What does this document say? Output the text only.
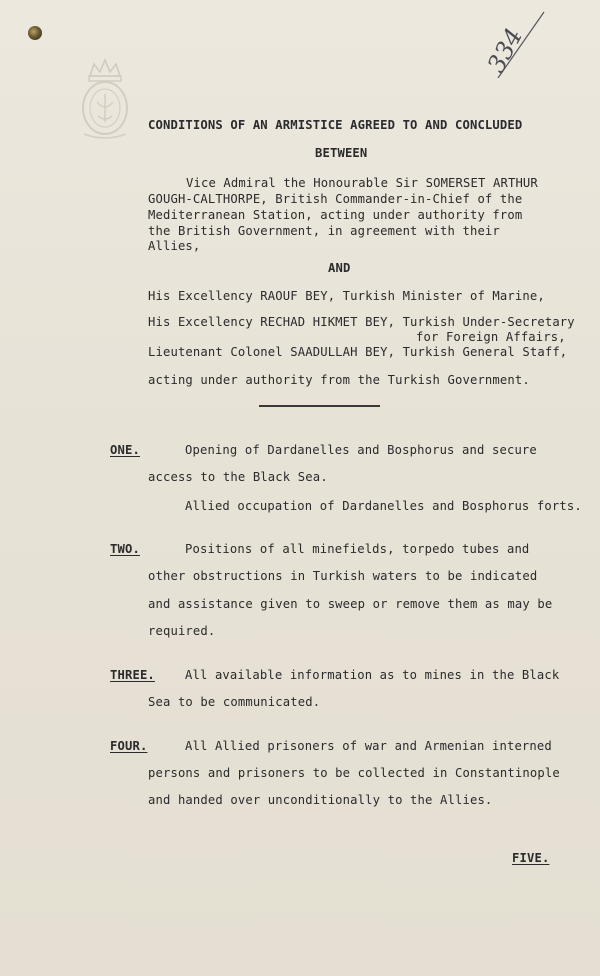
334
CONDITIONS OF AN ARMISTICE AGREED TO AND CONCLUDED
BETWEEN
Vice Admiral the Honourable Sir SOMERSET ARTHUR
GOUGH-CALTHORPE, British Commander-in-Chief of the
Mediterranean Station, acting under authority from
the British Government, in agreement with their
Allies,
AND
His Excellency RAOUF BEY, Turkish Minister of Marine,
His Excellency RECHAD HIKMET BEY, Turkish Under-Secretary
for Foreign Affairs,
Lieutenant Colonel SAADULLAH BEY, Turkish General Staff,
acting under authority from the Turkish Government.
ONE.	Opening of Dardanelles and Bosphorus and secure
access to the Black Sea.
Allied occupation of Dardanelles and Bosphorus forts.
TWO.	Positions of all minefields, torpedo tubes and
other obstructions in Turkish waters to be indicated
and assistance given to sweep or remove them as may be
required.
THREE. All available information as to mines in the Black
Sea to be communicated.
FOUR.	All Allied prisoners of war and Armenian interned
persons and prisoners to be collected in Constantinople
and handed over unconditionally to the Allies.
FIVE.
